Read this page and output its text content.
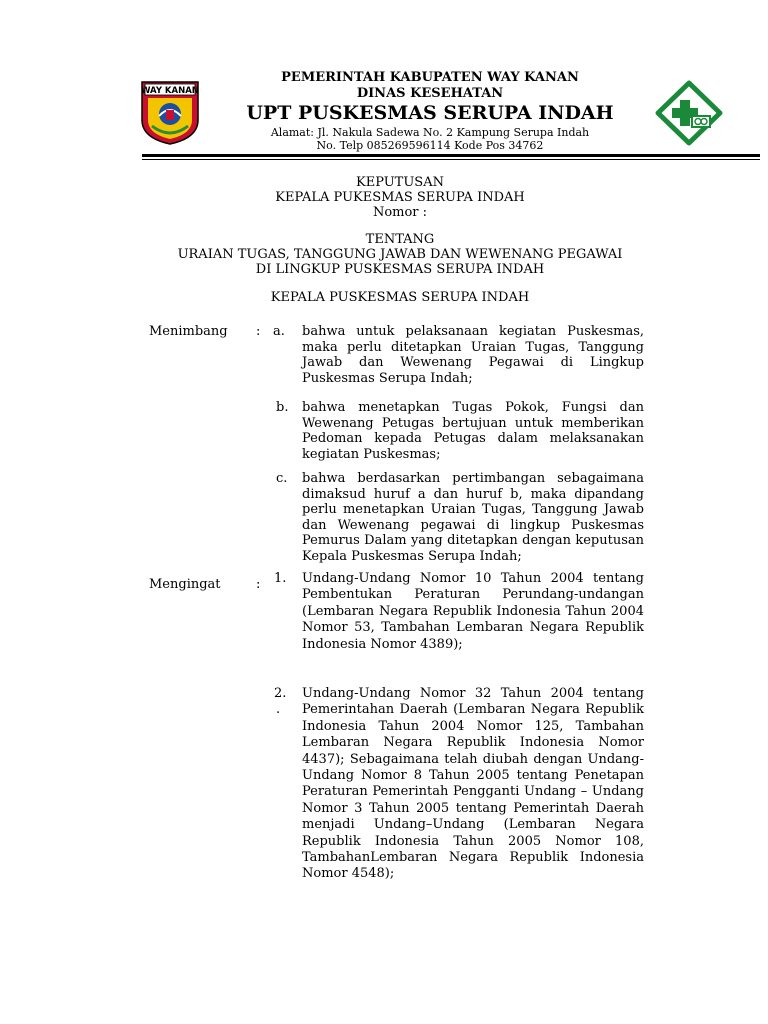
WAY KANAN
PEMERINTAH KABUPATEN WAY KANAN
DINAS KESEHATAN
UPT PUSKESMAS SERUPA INDAH
Alamat: Jl. Nakula Sadewa No. 2 Kampung Serupa Indah
No. Telp 085269596114 Kode Pos 34762
KEPUTUSAN
KEPALA PUKESMAS SERUPA INDAH
Nomor :
TENTANG
URAIAN TUGAS, TANGGUNG JAWAB DAN WEWENANG PEGAWAI
DI LINGKUP PUSKESMAS SERUPA INDAH
KEPALA PUSKESMAS SERUPA INDAH
Menimbang : a. bahwa untuk pelaksanaan kegiatan Puskesmas, maka perlu ditetapkan Uraian Tugas, Tanggung Jawab dan Wewenang Pegawai di Lingkup Puskesmas Serupa Indah;
b. bahwa menetapkan Tugas Pokok, Fungsi dan Wewenang Petugas bertujuan untuk memberikan Pedoman kepada Petugas dalam melaksanakan kegiatan Puskesmas;
c. bahwa berdasarkan pertimbangan sebagaimana dimaksud huruf a dan huruf b, maka dipandang perlu menetapkan Uraian Tugas, Tanggung Jawab dan Wewenang pegawai di lingkup Puskesmas Pemurus Dalam yang ditetapkan dengan keputusan Kepala Puskesmas Serupa Indah;
Mengingat	: 1. Undang-Undang Nomor 10 Tahun 2004 tentang Pembentukan Peraturan Perundang-undangan (Lembaran Negara Republik Indonesia Tahun 2004 Nomor 53, Tambahan Lembaran Negara Republik Indonesia Nomor 4389);
2.
.
Undang-Undang Nomor 32 Tahun 2004 tentang Pemerintahan Daerah (Lembaran Negara Republik Indonesia Tahun 2004 Nomor 125, Tambahan Lembaran Negara Republik Indonesia Nomor 4437); Sebagaimana telah diubah dengan Undang-Undang Nomor 8 Tahun 2005 tentang Penetapan Peraturan Pemerintah Pengganti Undang – Undang Nomor 3 Tahun 2005 tentang Pemerintah Daerah menjadi Undang–Undang (Lembaran Negara Republik Indonesia Tahun 2005 Nomor 108, TambahanLembaran Negara Republik Indonesia Nomor 4548);
